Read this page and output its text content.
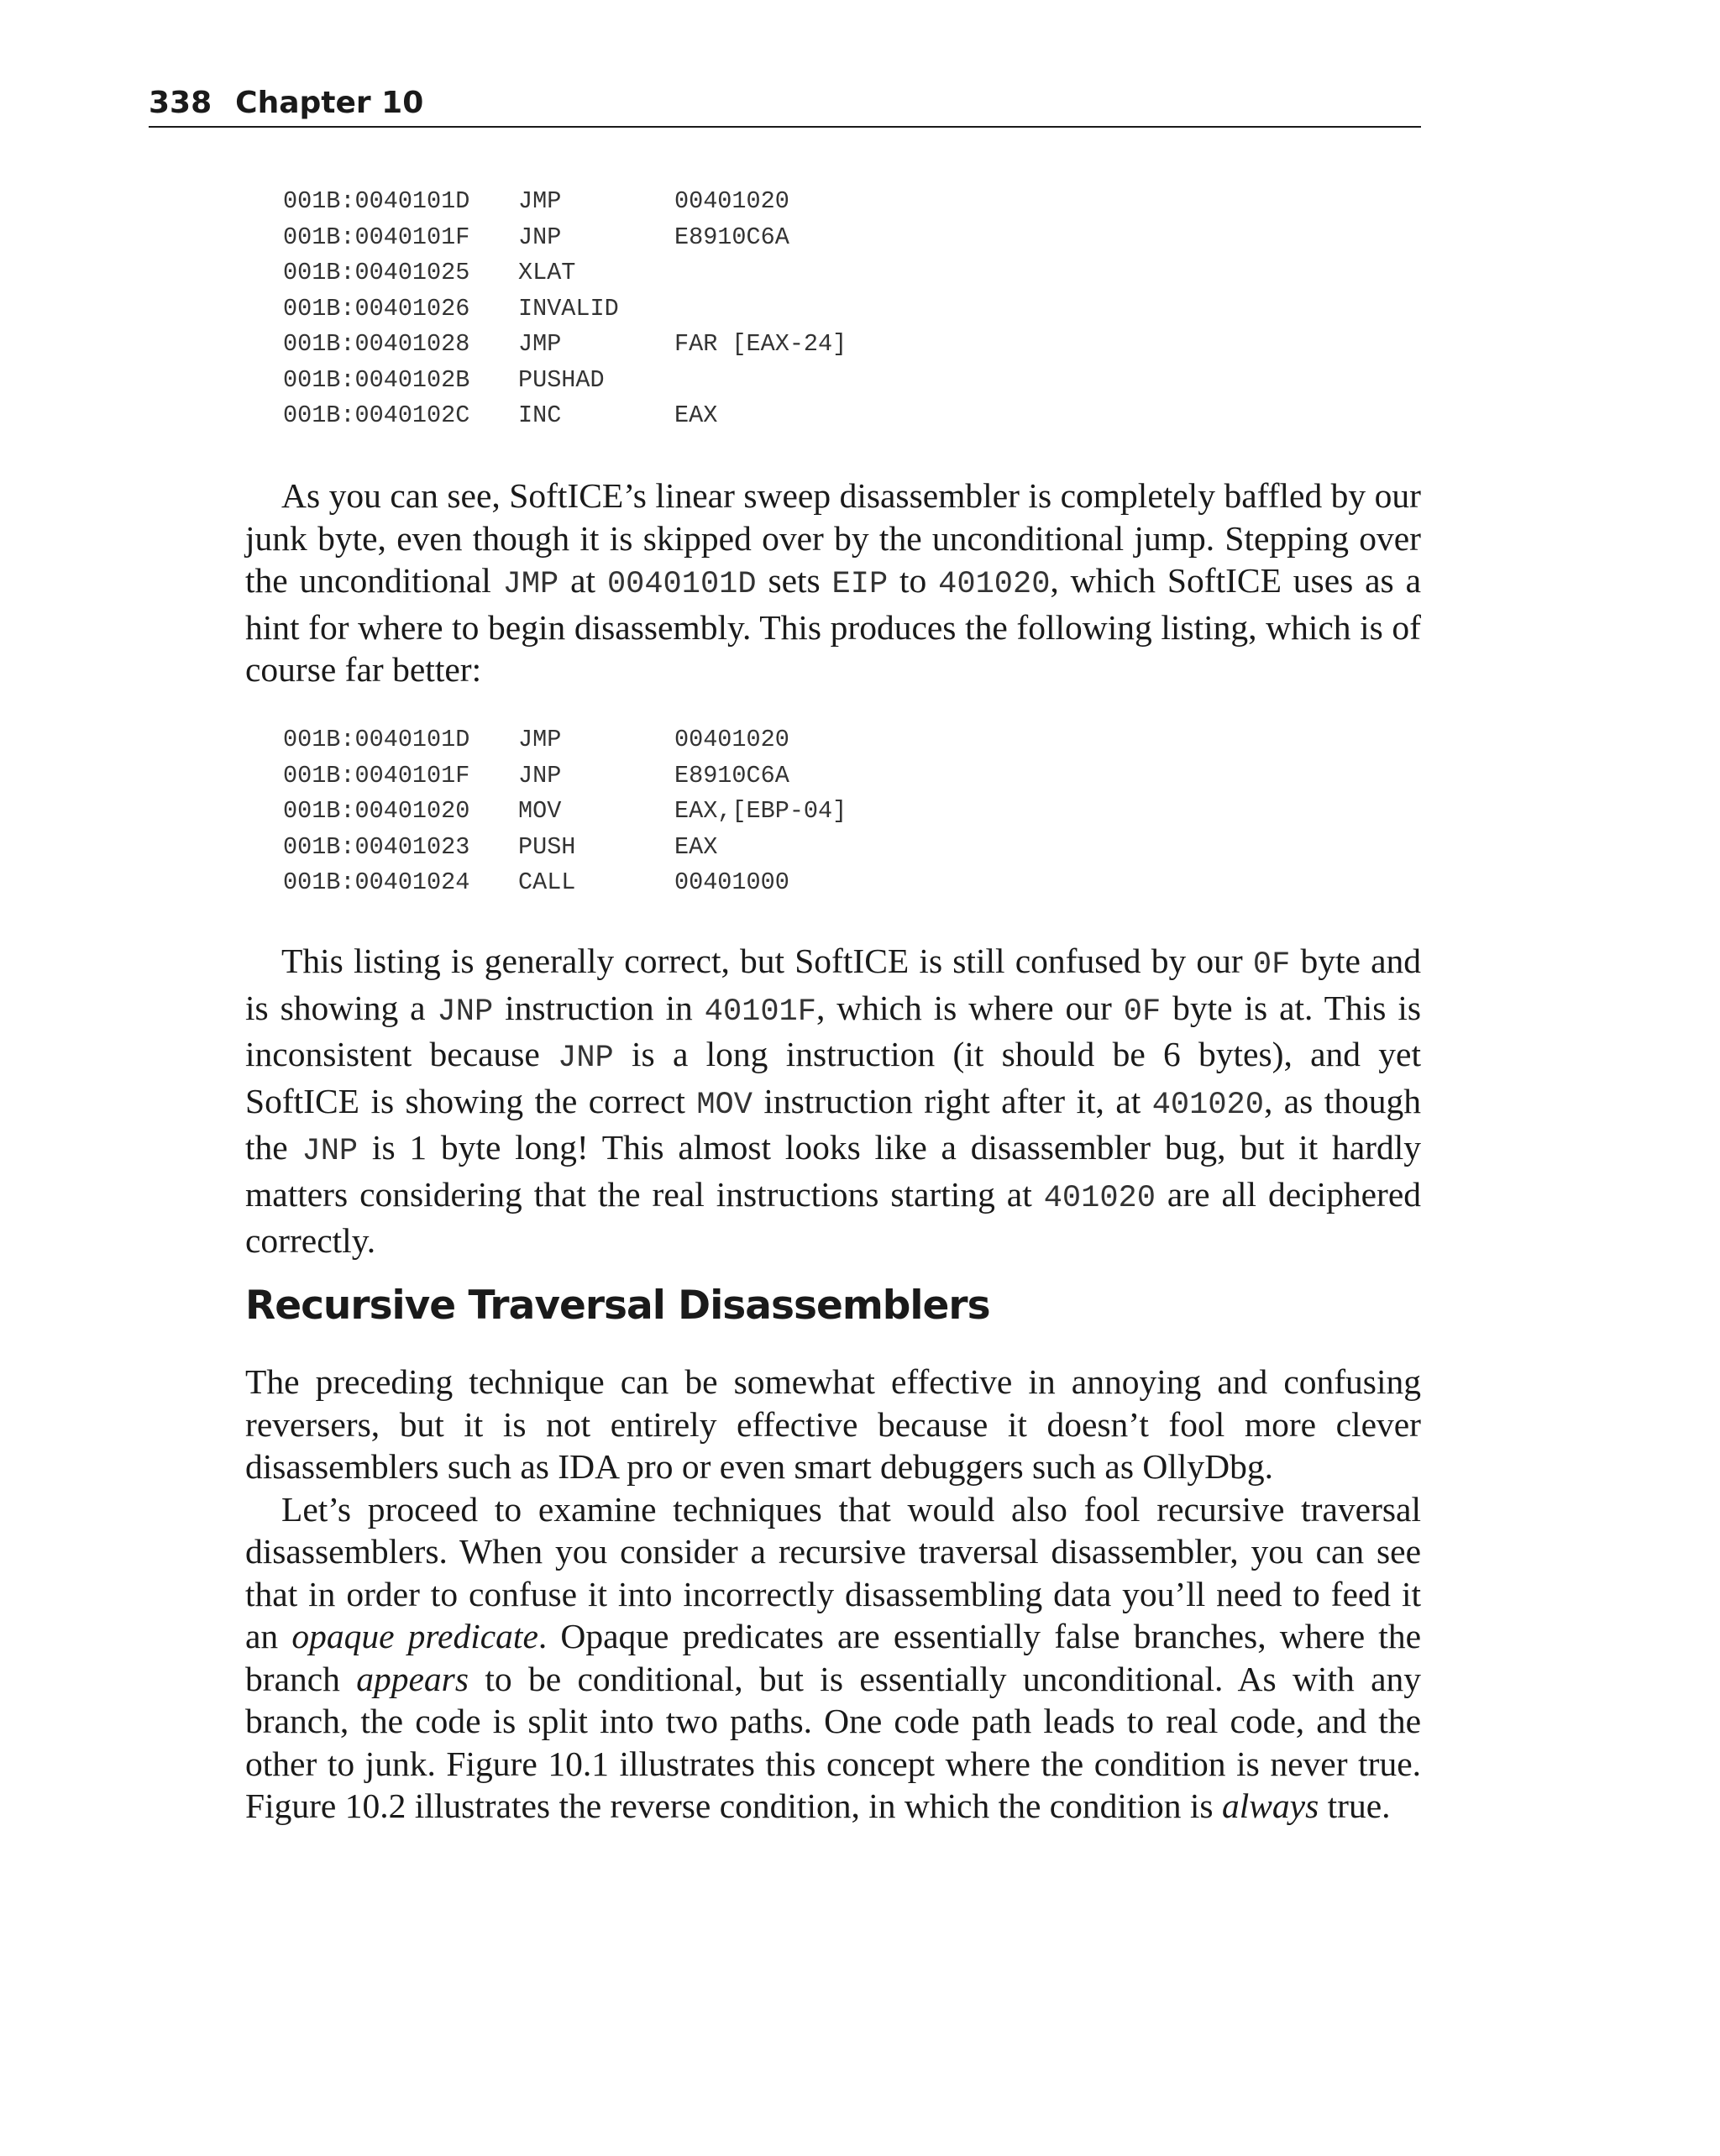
338 Chapter 10
001B:0040101D JMP	00401020
001B:0040101F JNP	E8910C6A
001B:00401025 XLAT
001B:00401026 INVALID
001B:00401028 JMP	FAR [EAX-24]
001B:0040102B PUSHAD
001B:0040102C INC	EAX

As you can see, SoftICE’s linear sweep disassembler is completely baffled by our junk byte, even though it is skipped over by the unconditional jump. Stepping over the unconditional JMP at 0040101D sets EIP to 401020, which SoftICE uses as a hint for where to begin disassembly. This produces the following listing, which is of course far better:

001B:0040101D JMP	00401020
001B:0040101F JNP	E8910C6A
001B:00401020 MOV	EAX,[EBP-04]
001B:00401023 PUSH	EAX
001B:00401024 CALL	00401000

This listing is generally correct, but SoftICE is still confused by our 0F byte and is showing a JNP instruction in 40101F, which is where our 0F byte is at. This is inconsistent because JNP is a long instruction (it should be 6 bytes), and yet SoftICE is showing the correct MOV instruction right after it, at 401020, as though the JNP is 1 byte long! This almost looks like a disassembler bug, but it hardly matters considering that the real instructions starting at 401020 are all deciphered correctly.

Recursive Traversal Disassemblers

The preceding technique can be somewhat effective in annoying and confusing reversers, but it is not entirely effective because it doesn’t fool more clever disassemblers such as IDA pro or even smart debuggers such as OllyDbg.

Let’s proceed to examine techniques that would also fool recursive traversal disassemblers. When you consider a recursive traversal disassembler, you can see that in order to confuse it into incorrectly disassembling data you’ll need to feed it an opaque predicate. Opaque predicates are essentially false branches, where the branch appears to be conditional, but is essentially unconditional. As with any branch, the code is split into two paths. One code path leads to real code, and the other to junk. Figure 10.1 illustrates this concept where the condition is never true. Figure 10.2 illustrates the reverse condition, in which the condition is always true.
